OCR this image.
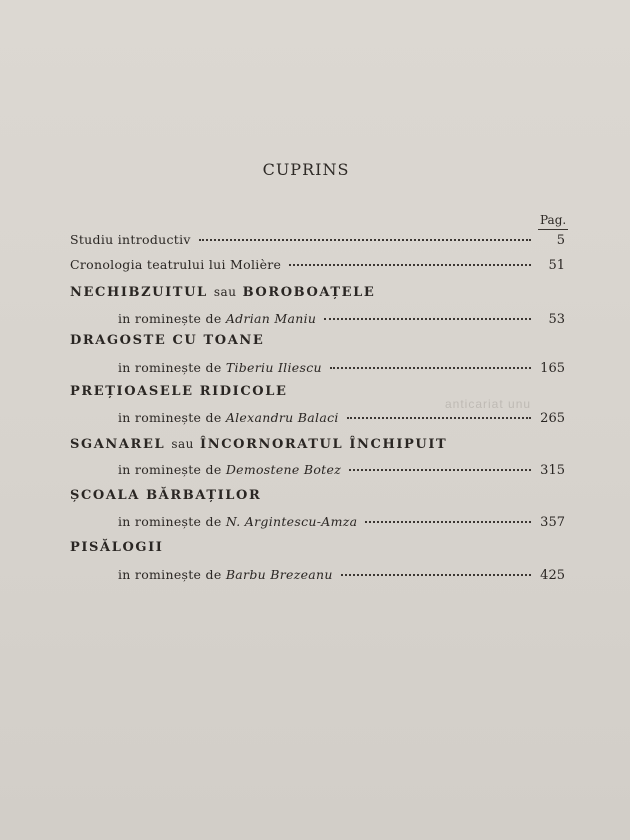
CUPRINS
Pag.
Studiu introductiv	5
Cronologia teatrului lui Molière	51
NECHIBZUITUL sau BOROBOAȚELE
in rominește de Adrian Maniu	53
DRAGOSTE CU TOANE
in rominește de Tiberiu Iliescu	165
PREȚIOASELE RIDICOLE
in rominește de Alexandru Balaci	265
SGANAREL sau ÎNCORNORATUL ÎNCHIPUIT
in rominește de Demostene Botez	315
ȘCOALA BĂRBAȚILOR
in rominește de N. Argintescu-Amza	357
PISĂLOGII
in rominește de Barbu Brezeanu	425
anticariat unu
